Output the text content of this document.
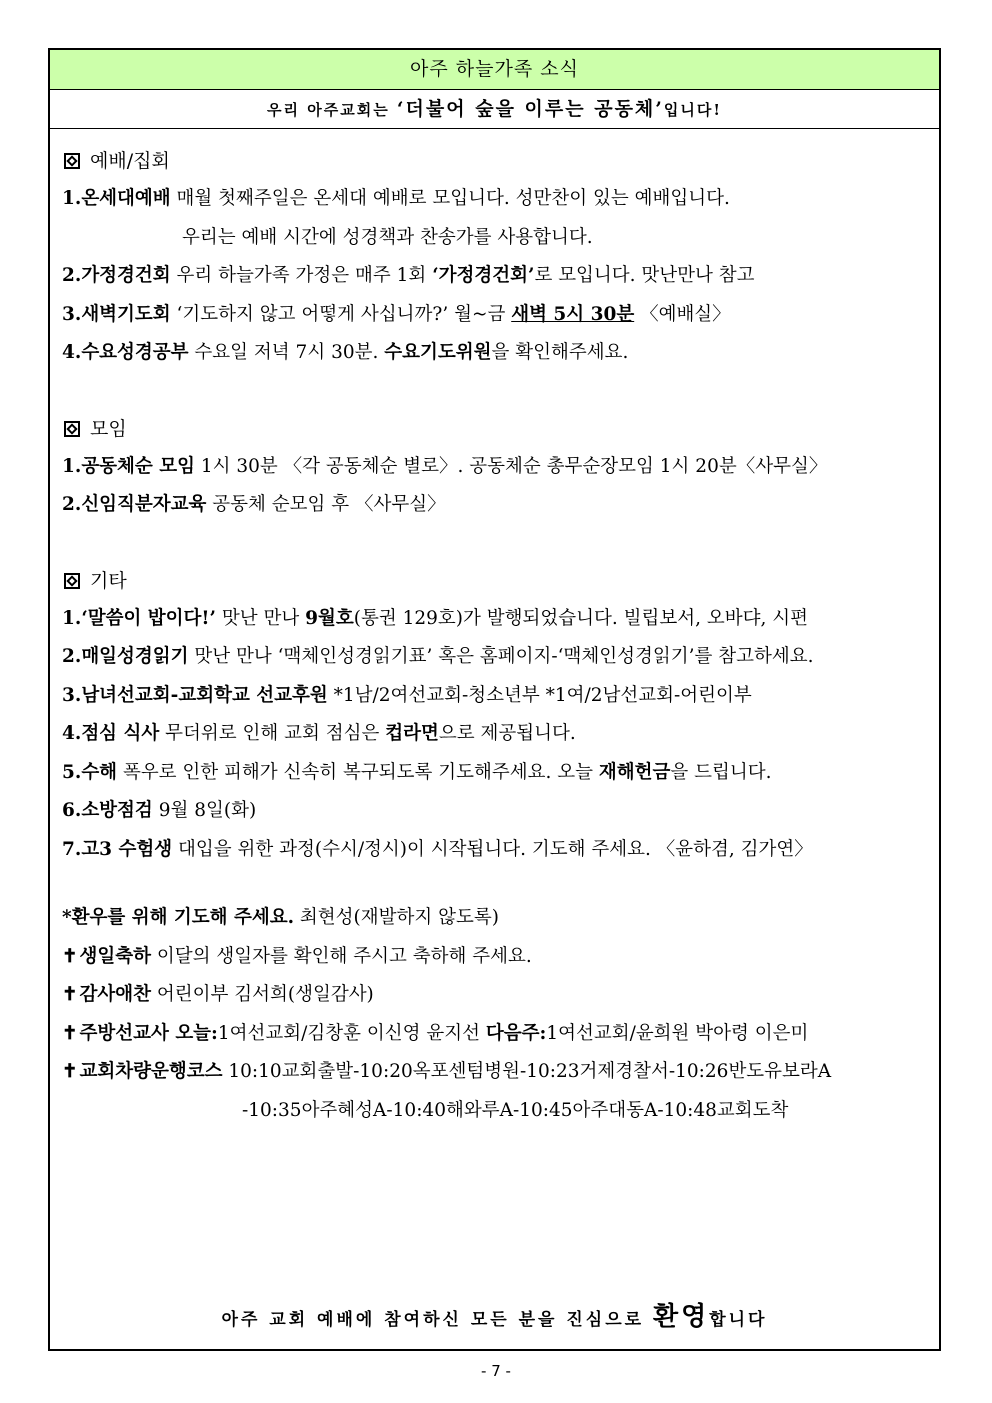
아주 하늘가족 소식
우리 아주교회는 ‘더불어 숲을 이루는 공동체’입니다!
예배/집회
1.온세대예배 매월 첫째주일은 온세대 예배로 모입니다. 성만찬이 있는 예배입니다.
우리는 예배 시간에 성경책과 찬송가를 사용합니다.
2.가정경건회 우리 하늘가족 가정은 매주 1회 ‘가정경건회’로 모입니다. 맛난만나 참고
3.새벽기도회 ‘기도하지 않고 어떻게 사십니까?’ 월~금 새벽 5시 30분 〈예배실〉
4.수요성경공부 수요일 저녁 7시 30분. 수요기도위원을 확인해주세요.
모임
1.공동체순 모임 1시 30분 〈각 공동체순 별로〉. 공동체순 총무순장모임 1시 20분〈사무실〉
2.신임직분자교육 공동체 순모임 후 〈사무실〉
기타
1.‘말씀이 밥이다!’ 맛난 만나 9월호(통권 129호)가 발행되었습니다. 빌립보서, 오바댜, 시편
2.매일성경읽기 맛난 만나 ‘맥체인성경읽기표’ 혹은 홈페이지-‘맥체인성경읽기’를 참고하세요.
3.남녀선교회-교회학교 선교후원 *1남/2여선교회-청소년부 *1여/2남선교회-어린이부
4.점심 식사 무더위로 인해 교회 점심은 컵라면으로 제공됩니다.
5.수해 폭우로 인한 피해가 신속히 복구되도록 기도해주세요. 오늘 재해헌금을 드립니다.
6.소방점검 9월 8일(화)
7.고3 수험생 대입을 위한 과정(수시/정시)이 시작됩니다. 기도해 주세요. 〈윤하겸, 김가연〉
*환우를 위해 기도해 주세요. 최현성(재발하지 않도록)
✝ 생일축하 이달의 생일자를 확인해 주시고 축하해 주세요.
✝ 감사애찬 어린이부 김서희(생일감사)
✝ 주방선교사 오늘:1여선교회/김창훈 이신영 윤지선 다음주:1여선교회/윤희원 박아령 이은미
✝ 교회차량운행코스 10:10교회출발-10:20옥포센텀병원-10:23거제경찰서-10:26반도유보라A
-10:35아주혜성A-10:40해와루A-10:45아주대동A-10:48교회도착
아주 교회 예배에 참여하신 모든 분을 진심으로 환영합니다
- 7 -
